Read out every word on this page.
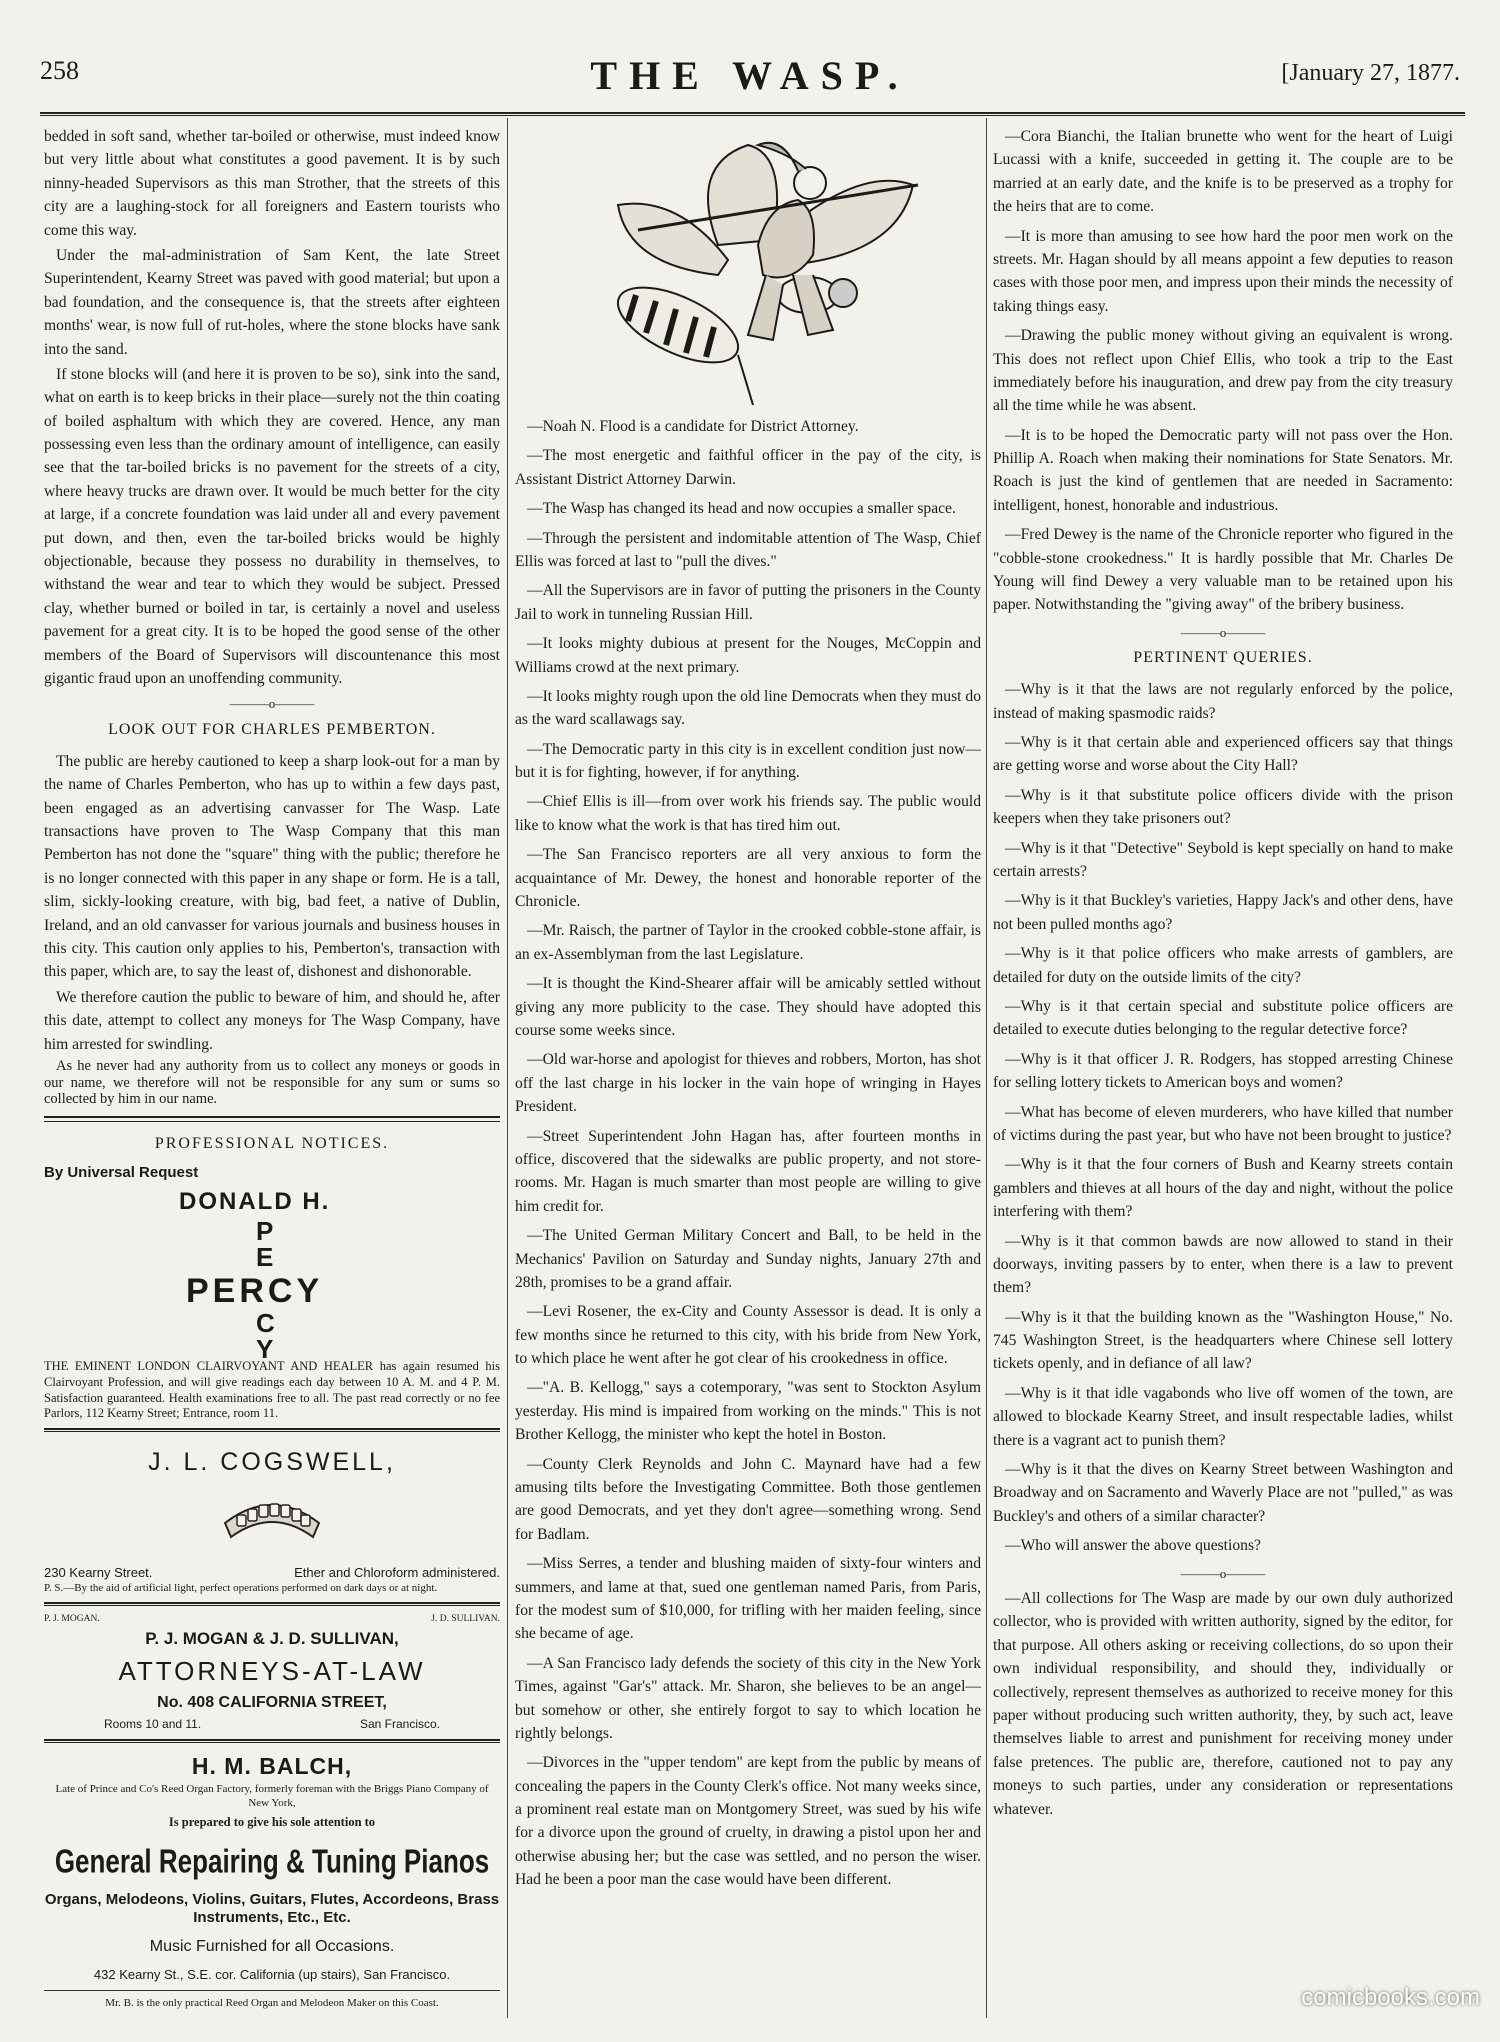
258	THE WASP.	[January 27, 1877.

bedded in soft sand, whether tar-boiled or otherwise, must indeed know but very little about what constitutes a good pavement. It is by such ninny-headed Supervisors as this man Strother, that the streets of this city are a laughing-stock for all foreigners and Eastern tourists who come this way.

Under the mal-administration of Sam Kent, the late Street Superintendent, Kearny Street was paved with good material; but upon a bad foundation, and the consequence is, that the streets after eighteen months' wear, is now full of rut-holes, where the stone blocks have sank into the sand.

If stone blocks will (and here it is proven to be so), sink into the sand, what on earth is to keep bricks in their place—surely not the thin coating of boiled asphaltum with which they are covered. Hence, any man possessing even less than the ordinary amount of intelligence, can easily see that the tar-boiled bricks is no pavement for the streets of a city, where heavy trucks are drawn over. It would be much better for the city at large, if a concrete foundation was laid under all and every pavement put down, and then, even the tar-boiled bricks would be highly objectionable, because they possess no durability in themselves, to withstand the wear and tear to which they would be subject. Pressed clay, whether burned or boiled in tar, is certainly a novel and useless pavement for a great city. It is to be hoped the good sense of the other members of the Board of Supervisors will discountenance this most gigantic fraud upon an unoffending community.

———o———
LOOK OUT FOR CHARLES PEMBERTON.

The public are hereby cautioned to keep a sharp look-out for a man by the name of Charles Pemberton, who has up to within a few days past, been engaged as an advertising canvasser for The Wasp. Late transactions have proven to The Wasp Company that this man Pemberton has not done the "square" thing with the public; therefore he is no longer connected with this paper in any shape or form. He is a tall, slim, sickly-looking creature, with big, bad feet, a native of Dublin, Ireland, and an old canvasser for various journals and business houses in this city. This caution only applies to his, Pemberton's, transaction with this paper, which are, to say the least of, dishonest and dishonorable.

We therefore caution the public to beware of him, and should he, after this date, attempt to collect any moneys for The Wasp Company, have him arrested for swindling.

As he never had any authority from us to collect any moneys or goods in our name, we therefore will not be responsible for any sum or sums so collected by him in our name.

PROFESSIONAL NOTICES.
By Universal Request
DONALD H.
P
E
PERCY
C
Y

THE EMINENT LONDON CLAIRVOYANT AND HEALER has again resumed his Clairvoyant Profession, and will give readings each day between 10 A. M. and 4 P. M. Satisfaction guaranteed. Health examinations free to all. The past read correctly or no fee Parlors, 112 Kearny Street; Entrance, room 11.

J. L. COGSWELL,
230 Kearny Street.	Ether and Chloroform administered.

P. S.—By the aid of artificial light, perfect operations performed on dark days or at night.

P. J. MOGAN.	J. D. SULLIVAN.
P. J. MOGAN & J. D. SULLIVAN,
ATTORNEYS-AT-LAW
No. 408 CALIFORNIA STREET,
Rooms 10 and 11.	San Francisco.
H. M. BALCH,

Late of Prince and Co's Reed Organ Factory, formerly foreman with the Briggs Piano Company of New York,

Is prepared to give his sole attention to
General Repairing & Tuning Pianos
Organs, Melodeons, Violins, Guitars, Flutes, Accordeons, Brass Instruments, Etc., Etc.
Music Furnished for all Occasions.
432 Kearny St., S.E. cor. California (up stairs), San Francisco.
Mr. B. is the only practical Reed Organ and Melodeon Maker on this Coast.

—Noah N. Flood is a candidate for District Attorney.

—The most energetic and faithful officer in the pay of the city, is Assistant District Attorney Darwin.

—The Wasp has changed its head and now occupies a smaller space.

—Through the persistent and indomitable attention of The Wasp, Chief Ellis was forced at last to "pull the dives."

—All the Supervisors are in favor of putting the prisoners in the County Jail to work in tunneling Russian Hill.

—It looks mighty dubious at present for the Nouges, McCoppin and Williams crowd at the next primary.

—It looks mighty rough upon the old line Democrats when they must do as the ward scallawags say.

—The Democratic party in this city is in excellent condition just now—but it is for fighting, however, if for anything.

—Chief Ellis is ill—from over work his friends say. The public would like to know what the work is that has tired him out.

—The San Francisco reporters are all very anxious to form the acquaintance of Mr. Dewey, the honest and honorable reporter of the Chronicle.

—Mr. Raisch, the partner of Taylor in the crooked cobble-stone affair, is an ex-Assemblyman from the last Legislature.

—It is thought the Kind-Shearer affair will be amicably settled without giving any more publicity to the case. They should have adopted this course some weeks since.

—Old war-horse and apologist for thieves and robbers, Morton, has shot off the last charge in his locker in the vain hope of wringing in Hayes President.

—Street Superintendent John Hagan has, after fourteen months in office, discovered that the sidewalks are public property, and not store-rooms. Mr. Hagan is much smarter than most people are willing to give him credit for.

—The United German Military Concert and Ball, to be held in the Mechanics' Pavilion on Saturday and Sunday nights, January 27th and 28th, promises to be a grand affair.

—Levi Rosener, the ex-City and County Assessor is dead. It is only a few months since he returned to this city, with his bride from New York, to which place he went after he got clear of his crookedness in office.

—"A. B. Kellogg," says a cotemporary, "was sent to Stockton Asylum yesterday. His mind is impaired from working on the minds." This is not Brother Kellogg, the minister who kept the hotel in Boston.

—County Clerk Reynolds and John C. Maynard have had a few amusing tilts before the Investigating Committee. Both those gentlemen are good Democrats, and yet they don't agree—something wrong. Send for Badlam.

—Miss Serres, a tender and blushing maiden of sixty-four winters and summers, and lame at that, sued one gentleman named Paris, from Paris, for the modest sum of $10,000, for trifling with her maiden feeling, since she became of age.

—A San Francisco lady defends the society of this city in the New York Times, against "Gar's" attack. Mr. Sharon, she believes to be an angel—but somehow or other, she entirely forgot to say to which location he rightly belongs.

—Divorces in the "upper tendom" are kept from the public by means of concealing the papers in the County Clerk's office. Not many weeks since, a prominent real estate man on Montgomery Street, was sued by his wife for a divorce upon the ground of cruelty, in drawing a pistol upon her and otherwise abusing her; but the case was settled, and no person the wiser. Had he been a poor man the case would have been different.

—Cora Bianchi, the Italian brunette who went for the heart of Luigi Lucassi with a knife, succeeded in getting it. The couple are to be married at an early date, and the knife is to be preserved as a trophy for the heirs that are to come.

—It is more than amusing to see how hard the poor men work on the streets. Mr. Hagan should by all means appoint a few deputies to reason cases with those poor men, and impress upon their minds the necessity of taking things easy.

—Drawing the public money without giving an equivalent is wrong. This does not reflect upon Chief Ellis, who took a trip to the East immediately before his inauguration, and drew pay from the city treasury all the time while he was absent.

—It is to be hoped the Democratic party will not pass over the Hon. Phillip A. Roach when making their nominations for State Senators. Mr. Roach is just the kind of gentlemen that are needed in Sacramento: intelligent, honest, honorable and industrious.

—Fred Dewey is the name of the Chronicle reporter who figured in the "cobble-stone crookedness." It is hardly possible that Mr. Charles De Young will find Dewey a very valuable man to be retained upon his paper. Notwithstanding the "giving away" of the bribery business.

———o———
PERTINENT QUERIES.

—Why is it that the laws are not regularly enforced by the police, instead of making spasmodic raids?

—Why is it that certain able and experienced officers say that things are getting worse and worse about the City Hall?

—Why is it that substitute police officers divide with the prison keepers when they take prisoners out?

—Why is it that "Detective" Seybold is kept specially on hand to make certain arrests?

—Why is it that Buckley's varieties, Happy Jack's and other dens, have not been pulled months ago?

—Why is it that police officers who make arrests of gamblers, are detailed for duty on the outside limits of the city?

—Why is it that certain special and substitute police officers are detailed to execute duties belonging to the regular detective force?

—Why is it that officer J. R. Rodgers, has stopped arresting Chinese for selling lottery tickets to American boys and women?

—What has become of eleven murderers, who have killed that number of victims during the past year, but who have not been brought to justice?

—Why is it that the four corners of Bush and Kearny streets contain gamblers and thieves at all hours of the day and night, without the police interfering with them?

—Why is it that common bawds are now allowed to stand in their doorways, inviting passers by to enter, when there is a law to prevent them?

—Why is it that the building known as the "Washington House," No. 745 Washington Street, is the headquarters where Chinese sell lottery tickets openly, and in defiance of all law?

—Why is it that idle vagabonds who live off women of the town, are allowed to blockade Kearny Street, and insult respectable ladies, whilst there is a vagrant act to punish them?

—Why is it that the dives on Kearny Street between Washington and Broadway and on Sacramento and Waverly Place are not "pulled," as was Buckley's and others of a similar character?

—Who will answer the above questions?

———o———

—All collections for The Wasp are made by our own duly authorized collector, who is provided with written authority, signed by the editor, for that purpose. All others asking or receiving collections, do so upon their own individual responsibility, and should they, individually or collectively, represent themselves as authorized to receive money for this paper without producing such written authority, they, by such act, leave themselves liable to arrest and punishment for receiving money under false pretences. The public are, therefore, cautioned not to pay any moneys to such parties, under any consideration or representations whatever.

comicbooks.com
